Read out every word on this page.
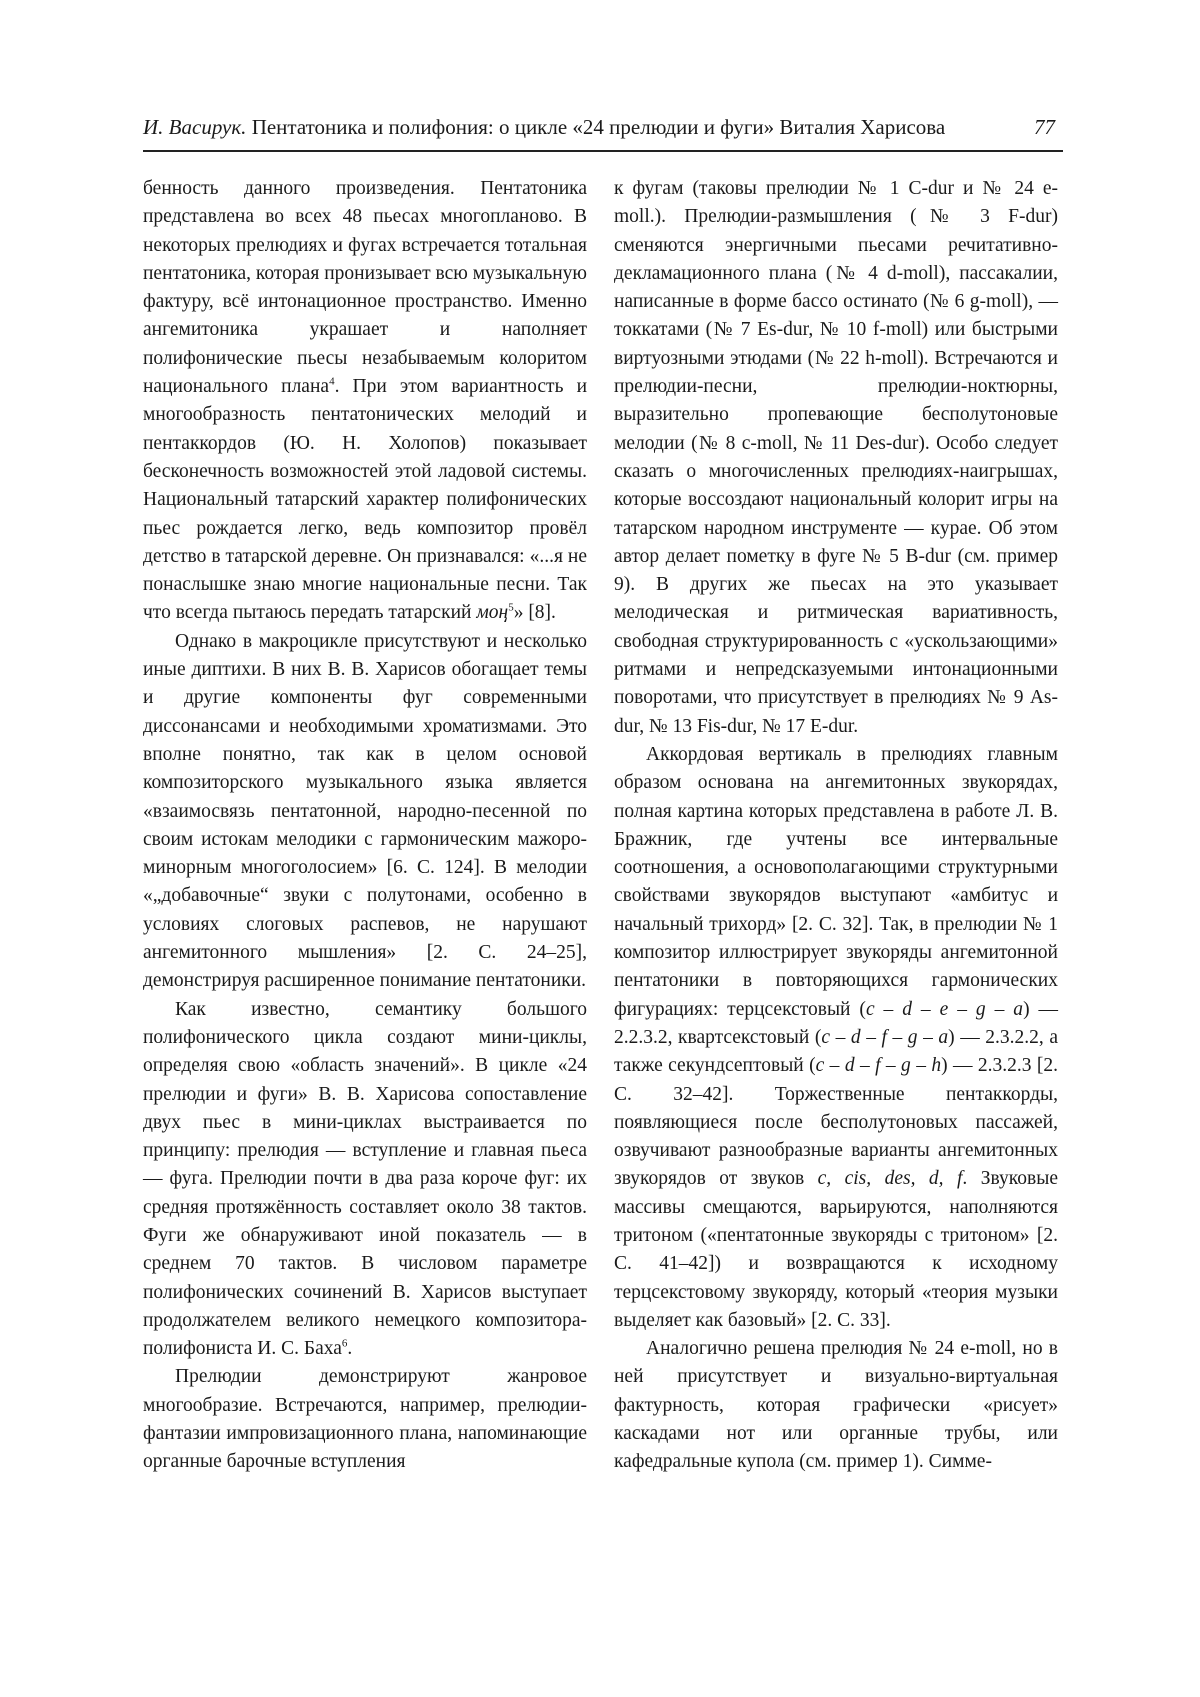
И. Васирук. Пентатоника и полифония: о цикле «24 прелюдии и фуги» Виталия Харисова	77

бенность данного произведения. Пентатоника представлена во всех 48 пьесах многопланово. В некоторых прелюдиях и фугах встречается тотальная пентатоника, которая пронизывает всю музыкальную фактуру, всё интонационное пространство. Именно ангемитоника украшает и наполняет полифонические пьесы незабываемым колоритом национального плана$^4$. При этом вариантность и многообразность пентатонических мелодий и пентаккордов (Ю. Н. Холопов) показывает бесконечность возможностей этой ладовой системы. Национальный татарский характер полифонических пьес рождается легко, ведь композитор провёл детство в татарской деревне. Он признавался: «...я не понаслышке знаю многие национальные песни. Так что всегда пытаюсь передать татарский моң$^5$» [8].

Однако в макроцикле присутствуют и несколько иные диптихи. В них В. В. Харисов обогащает темы и другие компоненты фуг современными диссонансами и необходимыми хроматизмами. Это вполне понятно, так как в целом основой композиторского музыкального языка является «взаимосвязь пентатонной, народно-песенной по своим истокам мелодики с гармоническим мажоро-минорным многоголосием» [6. С. 124]. В мелодии «„добавочные“ звуки с полутонами, особенно в условиях слоговых распевов, не нарушают ангемитонного мышления» [2. С. 24–25], демонстрируя расширенное понимание пентатоники.

Как известно, семантику большого полифонического цикла создают мини-циклы, определяя свою «область значений». В цикле «24 прелюдии и фуги» В. В. Харисова сопоставление двух пьес в мини-циклах выстраивается по принципу: прелюдия — вступление и главная пьеса — фуга. Прелюдии почти в два раза короче фуг: их средняя протяжённость составляет около 38 тактов. Фуги же обнаруживают иной показатель — в среднем 70 тактов. В числовом параметре полифонических сочинений В. Харисов выступает продолжателем великого немецкого композитора-полифониста И. С. Баха$^6$.

Прелюдии демонстрируют жанровое многообразие. Встречаются, например, прелюдии-фантазии импровизационного плана, напоминающие органные барочные вступления

к фугам (таковы прелюдии № 1 C-dur и № 24 e-moll.). Прелюдии-размышления (№ 3 F-dur) сменяются энергичными пьесами речитативно-декламационного плана (№ 4 d-moll), пассакалии, написанные в форме бассо остинато (№ 6 g-moll), — токкатами (№ 7 Es-dur, № 10 f-moll) или быстрыми виртуозными этюдами (№ 22 h-moll). Встречаются и прелюдии-песни, прелюдии-ноктюрны, выразительно пропевающие бесполутоновые мелодии (№ 8 c-moll, № 11 Des-dur). Особо следует сказать о многочисленных прелюдиях-наигрышах, которые воссоздают национальный колорит игры на татарском народном инструменте — курае. Об этом автор делает пометку в фуге № 5 B-dur (см. пример 9). В других же пьесах на это указывает мелодическая и ритмическая вариативность, свободная структурированность с «ускользающими» ритмами и непредсказуемыми интонационными поворотами, что присутствует в прелюдиях № 9 As-dur, № 13 Fis-dur, № 17 E-dur.

Аккордовая вертикаль в прелюдиях главным образом основана на ангемитонных звукорядах, полная картина которых представлена в работе Л. В. Бражник, где учтены все интервальные соотношения, а основополагающими структурными свойствами звукорядов выступают «амбитус и начальный трихорд» [2. С. 32]. Так, в прелюдии № 1 композитор иллюстрирует звукоряды ангемитонной пентатоники в повторяющихся гармонических фигурациях: терцсекстовый (c – d – e – g – a) — 2.2.3.2, квартсекстовый (c – d – f – g – a) — 2.3.2.2, а также секундсептовый (c – d – f – g – h) — 2.3.2.3 [2. С. 32–42]. Торжественные пентаккорды, появляющиеся после бесполутоновых пассажей, озвучивают разнообразные варианты ангемитонных звукорядов от звуков c, cis, des, d, f. Звуковые массивы смещаются, варьируются, наполняются тритоном («пентатонные звукоряды с тритоном» [2. С. 41–42]) и возвращаются к исходному терцсекстовому звукоряду, который «теория музыки выделяет как базовый» [2. С. 33].

Аналогично решена прелюдия № 24 e-moll, но в ней присутствует и визуально-виртуальная фактурность, которая графически «рисует» каскадами нот или органные трубы, или кафедральные купола (см. пример 1). Симме-
